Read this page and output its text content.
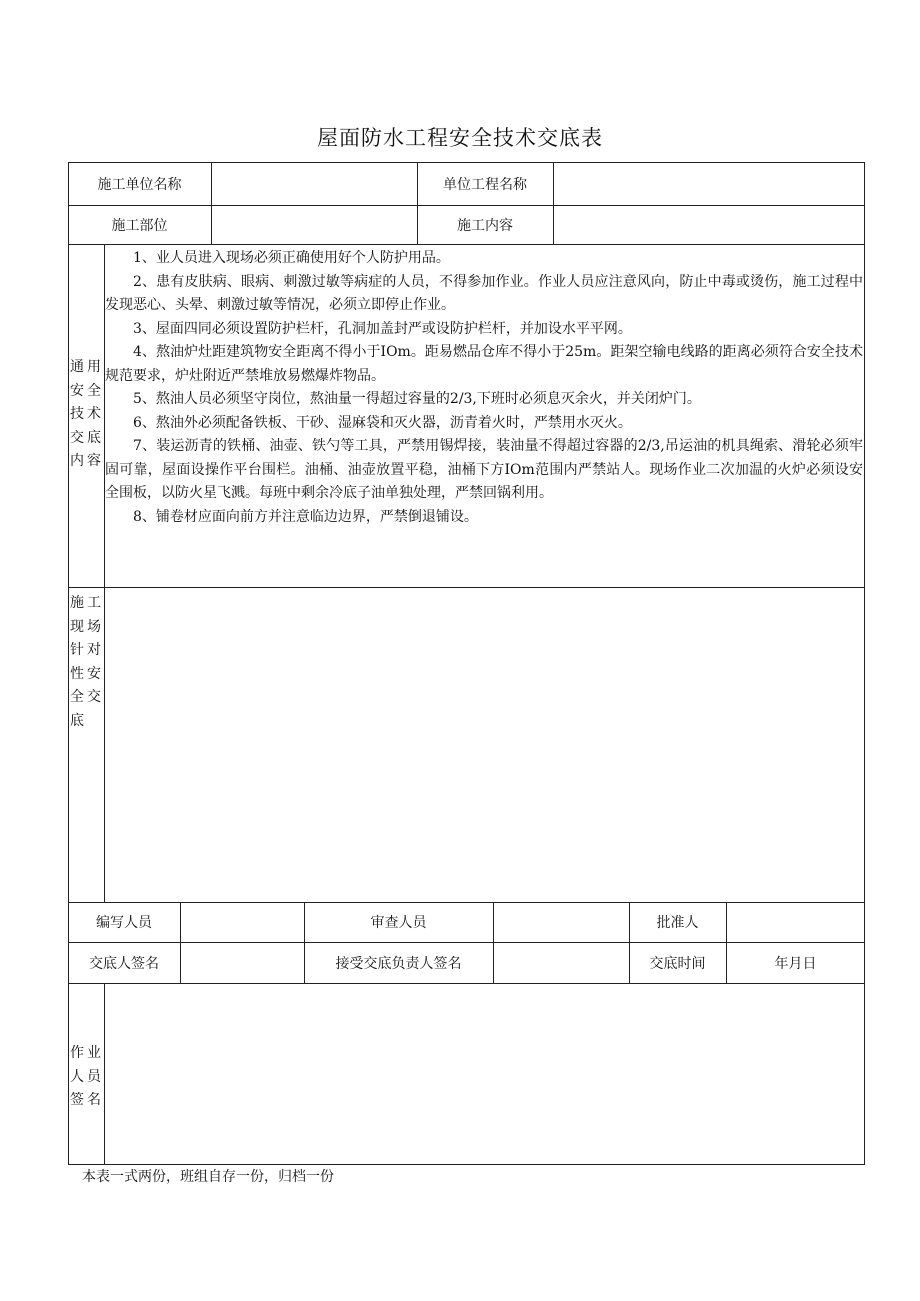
屋面防水工程安全技术交底表
施工单位名称	单位工程名称
施工部位	施工内容
通用安全技术交底内容

1、业人员进入现场必须正确使用好个人防护用品。

2、患有皮肤病、眼病、刺激过敏等病症的人员，不得参加作业。作业人员应注意风向，防止中毒或烫伤，施工过程中发现恶心、头晕、刺激过敏等情况，必须立即停止作业。

3、屋面四同必须设置防护栏杆，孔洞加盖封严或设防护栏杆，并加设水平平网。

4、熬油炉灶距建筑物安全距离不得小于IOm。距易燃品仓库不得小于25m。距架空输电线路的距离必须符合安全技术规范要求，炉灶附近严禁堆放易燃爆炸物品。

5、熬油人员必须坚守岗位，熬油量一得超过容量的2/3,下班时必须息灭余火，并关闭炉门。

6、熬油外必须配备铁板、干砂、湿麻袋和灭火器，沥青着火时，严禁用水灭火。

7、装运沥青的铁桶、油壶、铁勺等工具，严禁用锡焊接，装油量不得超过容器的2/3,吊运油的机具绳索、滑轮必须牢固可靠，屋面设操作平台围栏。油桶、油壶放置平稳，油桶下方IOm范围内严禁站人。现场作业二次加温的火炉必须设安全围板，以防火星飞溅。每班中剩余冷底子油单独处理，严禁回锅利用。

8、铺卷材应面向前方并注意临边边界，严禁倒退铺设。

施工现场针对性安全交底
编写人员	审查人员	批准人
交底人签名	接受交底负责人签名	交底时间	年月日
作业人员签名
本表一式两份，班组自存一份，归档一份
